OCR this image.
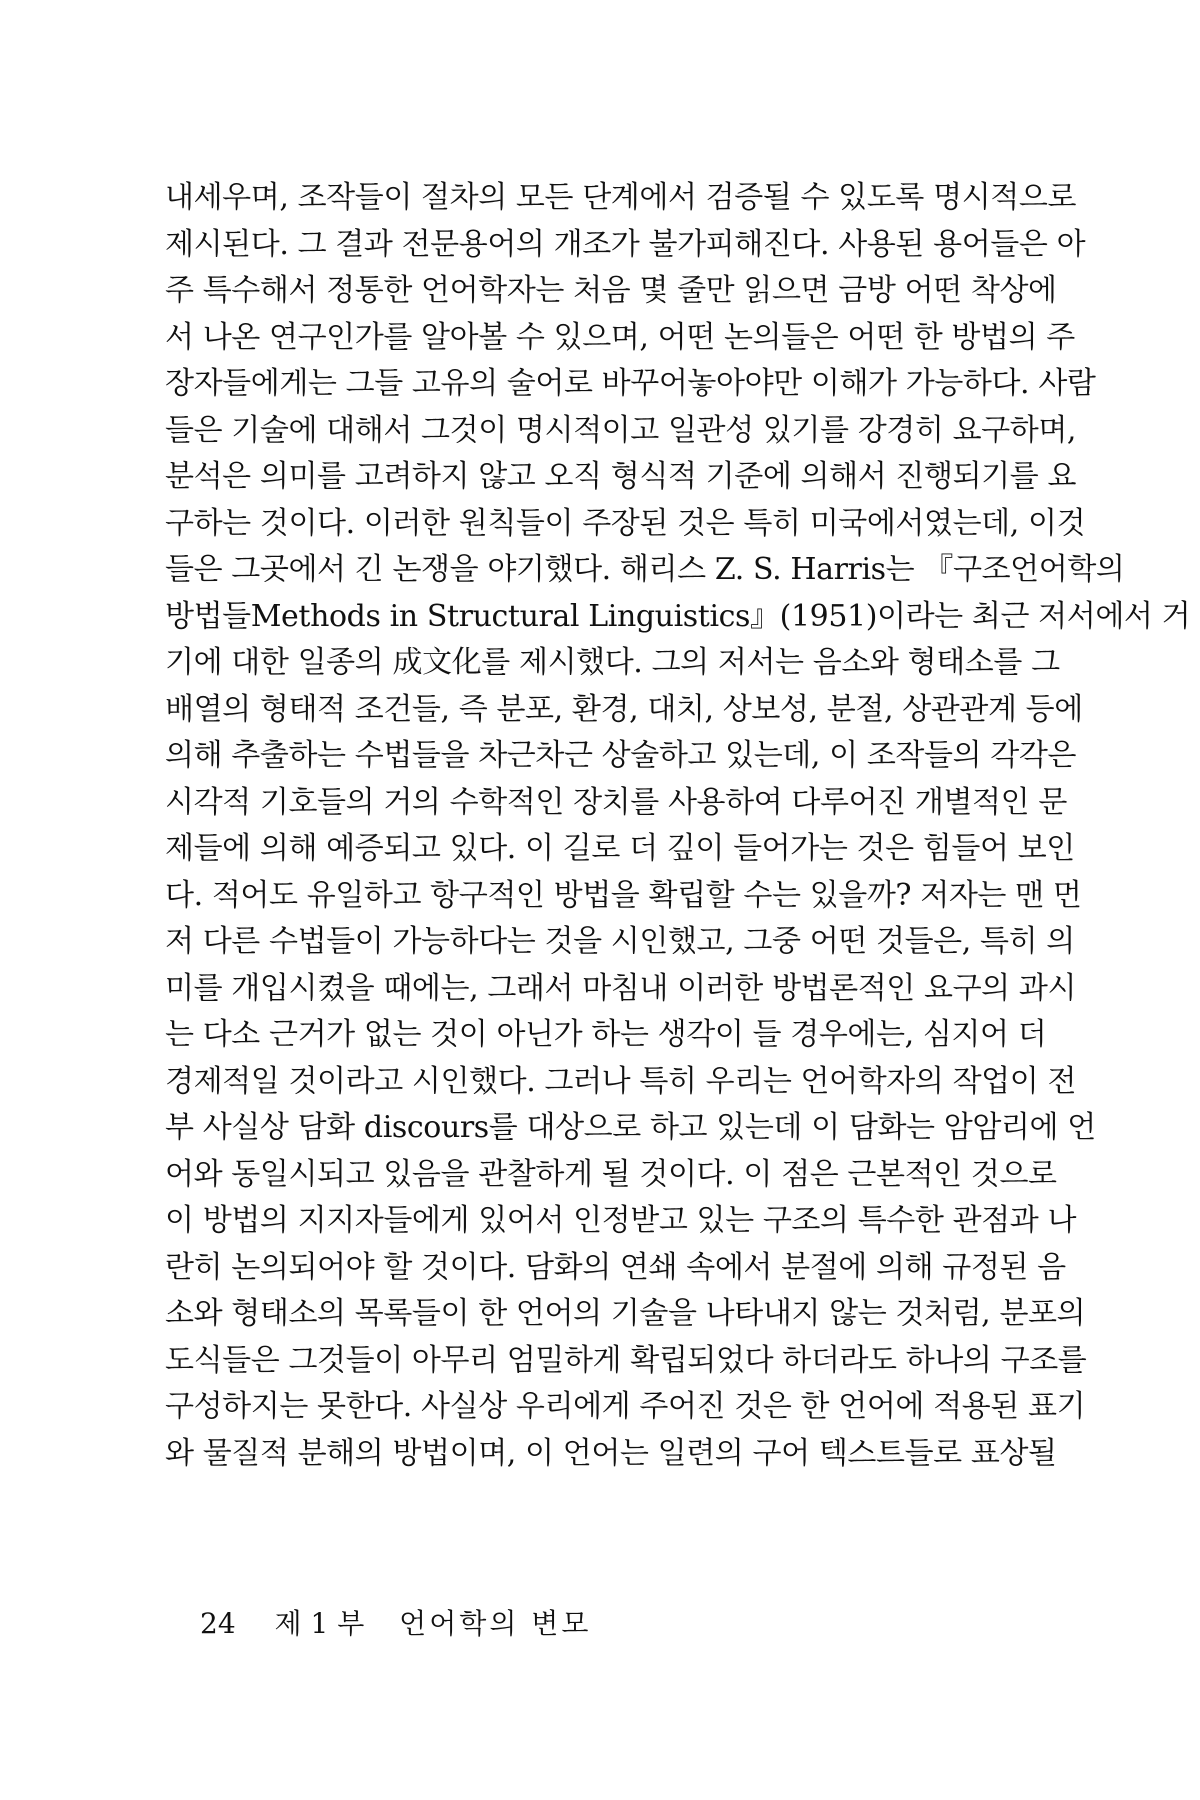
내세우며, 조작들이 절차의 모든 단계에서 검증될 수 있도록 명시적으로
제시된다. 그 결과 전문용어의 개조가 불가피해진다. 사용된 용어들은 아
주 특수해서 정통한 언어학자는 처음 몇 줄만 읽으면 금방 어떤 착상에
서 나온 연구인가를 알아볼 수 있으며, 어떤 논의들은 어떤 한 방법의 주
장자들에게는 그들 고유의 술어로 바꾸어놓아야만 이해가 가능하다. 사람
들은 기술에 대해서 그것이 명시적이고 일관성 있기를 강경히 요구하며,
분석은 의미를 고려하지 않고 오직 형식적 기준에 의해서 진행되기를 요
구하는 것이다. 이러한 원칙들이 주장된 것은 특히 미국에서였는데, 이것
들은 그곳에서 긴 논쟁을 야기했다. 해리스 Z. S. Harris는 『구조언어학의
방법들Methods in Structural Linguistics』(1951)이라는 최근 저서에서 거
기에 대한 일종의 成文化를 제시했다. 그의 저서는 음소와 형태소를 그
배열의 형태적 조건들, 즉 분포, 환경, 대치, 상보성, 분절, 상관관계 등에
의해 추출하는 수법들을 차근차근 상술하고 있는데, 이 조작들의 각각은
시각적 기호들의 거의 수학적인 장치를 사용하여 다루어진 개별적인 문
제들에 의해 예증되고 있다. 이 길로 더 깊이 들어가는 것은 힘들어 보인
다. 적어도 유일하고 항구적인 방법을 확립할 수는 있을까? 저자는 맨 먼
저 다른 수법들이 가능하다는 것을 시인했고, 그중 어떤 것들은, 특히 의
미를 개입시켰을 때에는, 그래서 마침내 이러한 방법론적인 요구의 과시
는 다소 근거가 없는 것이 아닌가 하는 생각이 들 경우에는, 심지어 더
경제적일 것이라고 시인했다. 그러나 특히 우리는 언어학자의 작업이 전
부 사실상 담화 discours를 대상으로 하고 있는데 이 담화는 암암리에 언
어와 동일시되고 있음을 관찰하게 될 것이다. 이 점은 근본적인 것으로
이 방법의 지지자들에게 있어서 인정받고 있는 구조의 특수한 관점과 나
란히 논의되어야 할 것이다. 담화의 연쇄 속에서 분절에 의해 규정된 음
소와 형태소의 목록들이 한 언어의 기술을 나타내지 않는 것처럼, 분포의
도식들은 그것들이 아무리 엄밀하게 확립되었다 하더라도 하나의 구조를
구성하지는 못한다. 사실상 우리에게 주어진 것은 한 언어에 적용된 표기
와 물질적 분해의 방법이며, 이 언어는 일련의 구어 텍스트들로 표상될
24 제 1 부 언어학의 변모
